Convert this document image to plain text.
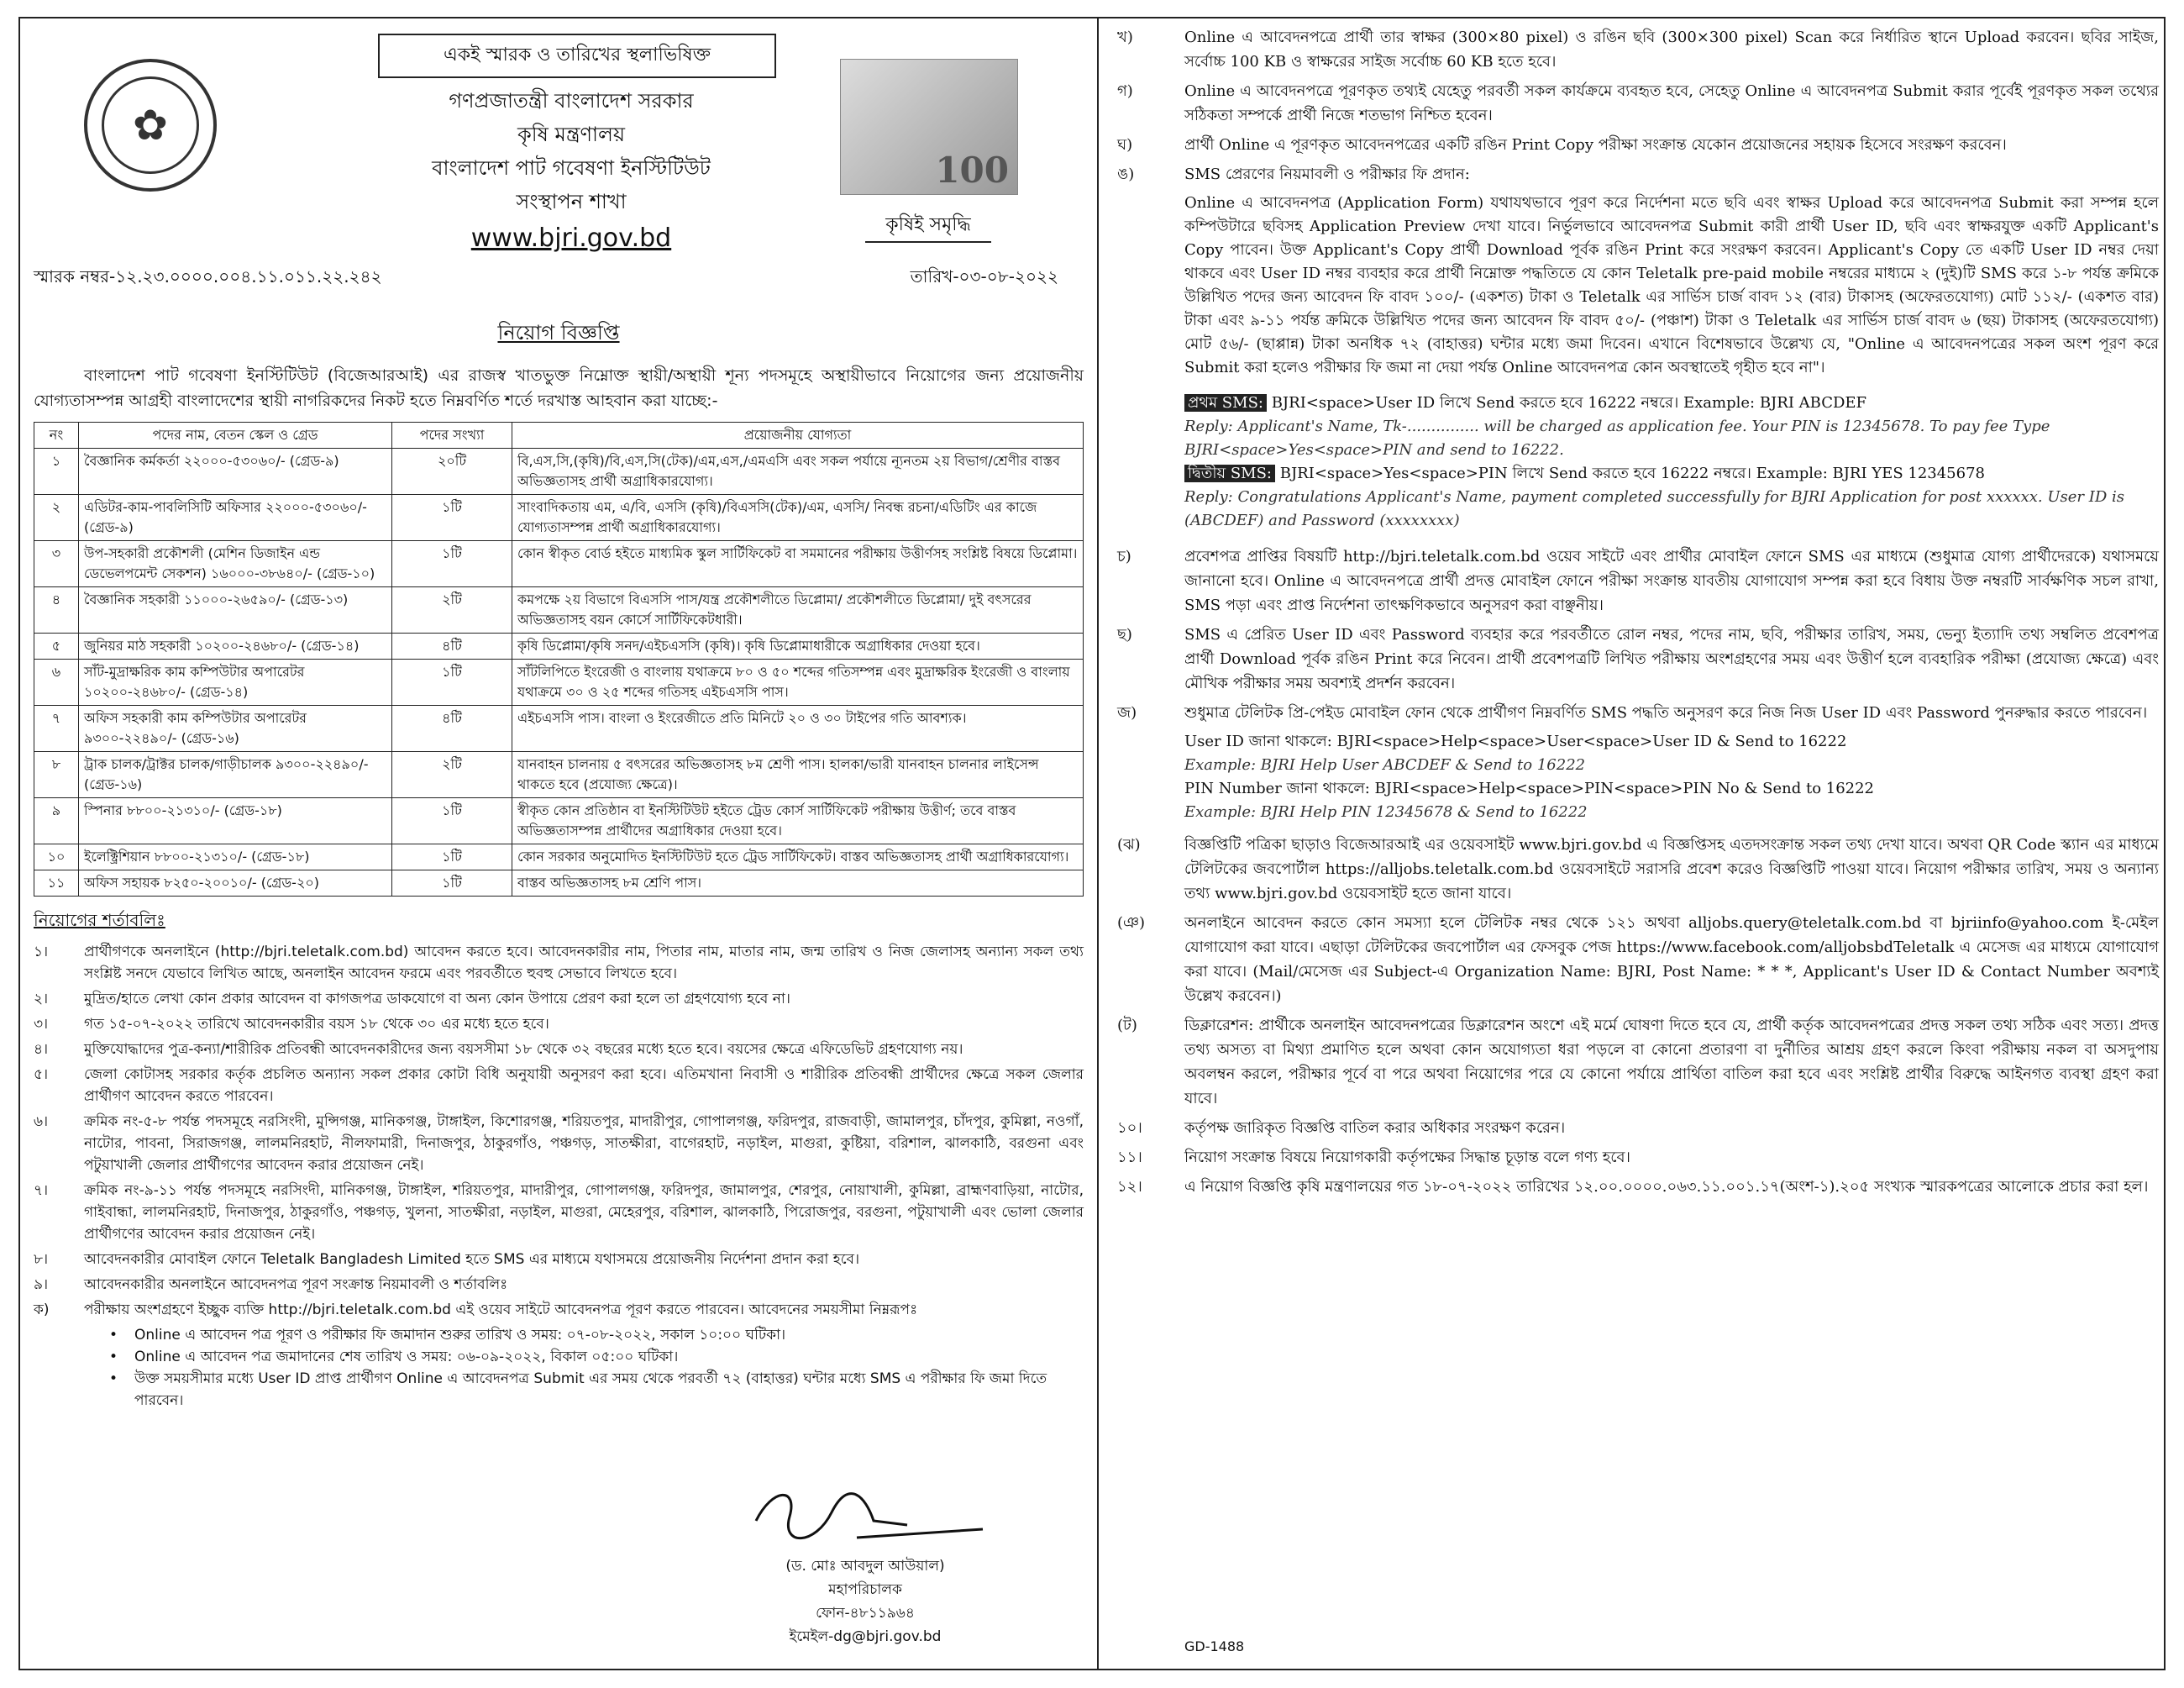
একই স্মারক ও তারিখের স্থলাভিষিক্ত
✿	গণপ্রজাতন্ত্রী বাংলাদেশ সরকার
কৃষি মন্ত্রণালয়
বাংলাদেশ পাট গবেষণা ইনস্টিটিউট
সংস্থাপন শাখা
www.bjri.gov.bd
100
কৃষিই সমৃদ্ধি
স্মারক নম্বর-১২.২৩.০০০০.০০৪.১১.০১১.২২.২৪২	তারিখ-০৩-০৮-২০২২
নিয়োগ বিজ্ঞপ্তি
বাংলাদেশ পাট গবেষণা ইনস্টিটিউট (বিজেআরআই) এর রাজস্ব খাতভুক্ত নিম্নোক্ত স্থায়ী/অস্থায়ী শূন্য পদসমূহে অস্থায়ীভাবে নিয়োগের জন্য প্রয়োজনীয় যোগ্যতাসম্পন্ন আগ্রহী বাংলাদেশের স্থায়ী নাগরিকদের নিকট হতে নিম্নবর্ণিত শর্তে দরখাস্ত আহবান করা যাচ্ছে:-
নং	পদের নাম, বেতন স্কেল ও গ্রেড	পদের সংখ্যা	প্রয়োজনীয় যোগ্যতা
১	বৈজ্ঞানিক কর্মকর্তা ২২০০০-৫৩০৬০/- (গ্রেড-৯)	২০টি	বি,এস,সি,(কৃষি)/বি,এস,সি(টেক)/এম,এস,/এমএসি এবং সকল পর্যায়ে ন্যূনতম ২য় বিভাগ/শ্রেণীর বাস্তব অভিজ্ঞতাসহ প্রার্থী অগ্রাধিকারযোগ্য।
২	এডিটর-কাম-পাবলিসিটি অফিসার ২২০০০-৫৩০৬০/- (গ্রেড-৯)	১টি	সাংবাদিকতায় এম, এ/বি, এসসি (কৃষি)/বিএসসি(টেক)/এম, এসসি/ নিবন্ধ রচনা/এডিটিং এর কাজে যোগ্যতাসম্পন্ন প্রার্থী অগ্রাধিকারযোগ্য।
৩	উপ-সহকারী প্রকৌশলী (মেশিন ডিজাইন এন্ড ডেভেলপমেন্ট সেকশন) ১৬০০০-৩৮৬৪০/- (গ্রেড-১০)	১টি	কোন স্বীকৃত বোর্ড হইতে মাধ্যমিক স্কুল সার্টিফিকেট বা সমমানের পরীক্ষায় উত্তীর্ণসহ সংশ্লিষ্ট বিষয়ে ডিপ্লোমা।
৪	বৈজ্ঞানিক সহকারী ১১০০০-২৬৫৯০/- (গ্রেড-১৩)	২টি	কমপক্ষে ২য় বিভাগে বিএসসি পাস/যন্ত্র প্রকৌশলীতে ডিপ্লোমা/ প্রকৌশলীতে ডিপ্লোমা/ দুই বৎসরের অভিজ্ঞতাসহ বয়ন কোর্সে সার্টিফিকেটধারী।
৫	জুনিয়র মাঠ সহকারী ১০২০০-২৪৬৮০/- (গ্রেড-১৪)	৪টি	কৃষি ডিপ্লোমা/কৃষি সনদ/এইচএসসি (কৃষি)। কৃষি ডিপ্লোমাধারীকে অগ্রাধিকার দেওয়া হবে।
৬	সাঁট-মুদ্রাক্ষরিক কাম কম্পিউটার অপারেটর ১০২০০-২৪৬৮০/- (গ্রেড-১৪)	১টি	সাঁটলিপিতে ইংরেজী ও বাংলায় যথাক্রমে ৮০ ও ৫০ শব্দের গতিসম্পন্ন এবং মুদ্রাক্ষরিক ইংরেজী ও বাংলায় যথাক্রমে ৩০ ও ২৫ শব্দের গতিসহ এইচএসসি পাস।
৭	অফিস সহকারী কাম কম্পিউটার অপারেটর ৯৩০০-২২৪৯০/- (গ্রেড-১৬)	৪টি	এইচএসসি পাস। বাংলা ও ইংরেজীতে প্রতি মিনিটে ২০ ও ৩০ টাইপের গতি আবশ্যক।
৮	ট্রাক চালক/ট্রাক্টর চালক/গাড়ীচালক ৯৩০০-২২৪৯০/- (গ্রেড-১৬)	২টি	যানবাহন চালনায় ৫ বৎসরের অভিজ্ঞতাসহ ৮ম শ্রেণী পাস। হালকা/ভারী যানবাহন চালনার লাইসেন্স থাকতে হবে (প্রযোজ্য ক্ষেত্রে)।
৯	স্পিনার ৮৮০০-২১৩১০/- (গ্রেড-১৮)	১টি	স্বীকৃত কোন প্রতিষ্ঠান বা ইনস্টিটিউট হইতে ট্রেড কোর্স সার্টিফিকেট পরীক্ষায় উত্তীর্ণ; তবে বাস্তব অভিজ্ঞতাসম্পন্ন প্রার্থীদের অগ্রাধিকার দেওয়া হবে।
১০	ইলেক্ট্রিশিয়ান ৮৮০০-২১৩১০/- (গ্রেড-১৮)	১টি	কোন সরকার অনুমোদিত ইনস্টিটিউট হতে ট্রেড সার্টিফিকেট। বাস্তব অভিজ্ঞতাসহ প্রার্থী অগ্রাধিকারযোগ্য।
১১	অফিস সহায়ক ৮২৫০-২০০১০/- (গ্রেড-২০)	১টি	বাস্তব অভিজ্ঞতাসহ ৮ম শ্রেণি পাস।
নিয়োগের শর্তাবলিঃ
১।	প্রার্থীগণকে অনলাইনে (http://bjri.teletalk.com.bd) আবেদন করতে হবে। আবেদনকারীর নাম, পিতার নাম, মাতার নাম, জন্ম তারিখ ও নিজ জেলাসহ অন্যান্য সকল তথ্য সংশ্লিষ্ট সনদে যেভাবে লিখিত আছে, অনলাইন আবেদন ফরমে এবং পরবর্তীতে হুবহু সেভাবে লিখতে হবে।
২।	মুদ্রিত/হাতে লেখা কোন প্রকার আবেদন বা কাগজপত্র ডাকযোগে বা অন্য কোন উপায়ে প্রেরণ করা হলে তা গ্রহণযোগ্য হবে না।
৩।	গত ১৫-০৭-২০২২ তারিখে আবেদনকারীর বয়স ১৮ থেকে ৩০ এর মধ্যে হতে হবে।
৪।	মুক্তিযোদ্ধাদের পুত্র-কন্যা/শারীরিক প্রতিবন্ধী আবেদনকারীদের জন্য বয়সসীমা ১৮ থেকে ৩২ বছরের মধ্যে হতে হবে। বয়সের ক্ষেত্রে এফিডেভিট গ্রহণযোগ্য নয়।
৫।	জেলা কোটাসহ সরকার কর্তৃক প্রচলিত অন্যান্য সকল প্রকার কোটা বিধি অনুযায়ী অনুসরণ করা হবে। এতিমখানা নিবাসী ও শারীরিক প্রতিবন্ধী প্রার্থীদের ক্ষেত্রে সকল জেলার প্রার্থীগণ আবেদন করতে পারবেন।
৬।	ক্রমিক নং-৫-৮ পর্যন্ত পদসমূহে নরসিংদী, মুন্সিগঞ্জ, মানিকগঞ্জ, টাঙ্গাইল, কিশোরগঞ্জ, শরিয়তপুর, মাদারীপুর, গোপালগঞ্জ, ফরিদপুর, রাজবাড়ী, জামালপুর, চাঁদপুর, কুমিল্লা, নওগাঁ, নাটোর, পাবনা, সিরাজগঞ্জ, লালমনিরহাট, নীলফামারী, দিনাজপুর, ঠাকুরগাঁও, পঞ্চগড়, সাতক্ষীরা, বাগেরহাট, নড়াইল, মাগুরা, কুষ্টিয়া, বরিশাল, ঝালকাঠি, বরগুনা এবং পটুয়াখালী জেলার প্রার্থীগণের আবেদন করার প্রয়োজন নেই।
৭।	ক্রমিক নং-৯-১১ পর্যন্ত পদসমূহে নরসিংদী, মানিকগঞ্জ, টাঙ্গাইল, শরিয়তপুর, মাদারীপুর, গোপালগঞ্জ, ফরিদপুর, জামালপুর, শেরপুর, নোয়াখালী, কুমিল্লা, ব্রাহ্মণবাড়িয়া, নাটোর, গাইবান্ধা, লালমনিরহাট, দিনাজপুর, ঠাকুরগাঁও, পঞ্চগড়, খুলনা, সাতক্ষীরা, নড়াইল, মাগুরা, মেহেরপুর, বরিশাল, ঝালকাঠি, পিরোজপুর, বরগুনা, পটুয়াখালী এবং ভোলা জেলার প্রার্থীগণের আবেদন করার প্রয়োজন নেই।
৮।	আবেদনকারীর মোবাইল ফোনে Teletalk Bangladesh Limited হতে SMS এর মাধ্যমে যথাসময়ে প্রয়োজনীয় নির্দেশনা প্রদান করা হবে।
৯।	আবেদনকারীর অনলাইনে আবেদনপত্র পূরণ সংক্রান্ত নিয়মাবলী ও শর্তাবলিঃ
ক)	পরীক্ষায় অংশগ্রহণে ইচ্ছুক ব্যক্তি http://bjri.teletalk.com.bd এই ওয়েব সাইটে আবেদনপত্র পূরণ করতে পারবেন। আবেদনের সময়সীমা নিম্নরূপঃ
•	Online এ আবেদন পত্র পূরণ ও পরীক্ষার ফি জমাদান শুরুর তারিখ ও সময়: ০৭-০৮-২০২২, সকাল ১০:০০ ঘটিকা।
•	Online এ আবেদন পত্র জমাদানের শেষ তারিখ ও সময়: ০৬-০৯-২০২২, বিকাল ০৫:০০ ঘটিকা।
•	উক্ত সময়সীমার মধ্যে User ID প্রাপ্ত প্রার্থীগণ Online এ আবেদনপত্র Submit এর সময় থেকে পরবর্তী ৭২ (বাহাত্তর) ঘন্টার মধ্যে SMS এ পরীক্ষার ফি জমা দিতে পারবেন।
খ)	Online এ আবেদনপত্রে প্রার্থী তার স্বাক্ষর (300×80 pixel) ও রঙিন ছবি (300×300 pixel) Scan করে নির্ধারিত স্থানে Upload করবেন। ছবির সাইজ, সর্বোচ্চ 100 KB ও স্বাক্ষরের সাইজ সর্বোচ্চ 60 KB হতে হবে।
গ)	Online এ আবেদনপত্রে পূরণকৃত তথ্যই যেহেতু পরবর্তী সকল কার্যক্রমে ব্যবহৃত হবে, সেহেতু Online এ আবেদনপত্র Submit করার পূর্বেই পূরণকৃত সকল তথ্যের সঠিকতা সম্পর্কে প্রার্থী নিজে শতভাগ নিশ্চিত হবেন।
ঘ)	প্রার্থী Online এ পূরণকৃত আবেদনপত্রের একটি রঙিন Print Copy পরীক্ষা সংক্রান্ত যেকোন প্রয়োজনের সহায়ক হিসেবে সংরক্ষণ করবেন।
ঙ)	SMS প্রেরণের নিয়মাবলী ও পরীক্ষার ফি প্রদান:
Online এ আবেদনপত্র (Application Form) যথাযথভাবে পূরণ করে নির্দেশনা মতে ছবি এবং স্বাক্ষর Upload করে আবেদনপত্র Submit করা সম্পন্ন হলে কম্পিউটারে ছবিসহ Application Preview দেখা যাবে। নির্ভুলভাবে আবেদনপত্র Submit কারী প্রার্থী User ID, ছবি এবং স্বাক্ষরযুক্ত একটি Applicant's Copy পাবেন। উক্ত Applicant's Copy প্রার্থী Download পূর্বক রঙিন Print করে সংরক্ষণ করবেন। Applicant's Copy তে একটি User ID নম্বর দেয়া থাকবে এবং User ID নম্বর ব্যবহার করে প্রার্থী নিম্নোক্ত পদ্ধতিতে যে কোন Teletalk pre-paid mobile নম্বরের মাধ্যমে ২ (দুই)টি SMS করে ১-৮ পর্যন্ত ক্রমিকে উল্লিখিত পদের জন্য আবেদন ফি বাবদ ১০০/- (একশত) টাকা ও Teletalk এর সার্ভিস চার্জ বাবদ ১২ (বার) টাকাসহ (অফেরতযোগ্য) মোট ১১২/- (একশত বার) টাকা এবং ৯-১১ পর্যন্ত ক্রমিকে উল্লিখিত পদের জন্য আবেদন ফি বাবদ ৫০/- (পঞ্চাশ) টাকা ও Teletalk এর সার্ভিস চার্জ বাবদ ৬ (ছয়) টাকাসহ (অফেরতযোগ্য) মোট ৫৬/- (ছাপ্পান্ন) টাকা অনধিক ৭২ (বাহাত্তর) ঘন্টার মধ্যে জমা দিবেন। এখানে বিশেষভাবে উল্লেখ্য যে, "Online এ আবেদনপত্রের সকল অংশ পূরণ করে Submit করা হলেও পরীক্ষার ফি জমা না দেয়া পর্যন্ত Online আবেদনপত্র কোন অবস্থাতেই গৃহীত হবে না"।
প্রথম SMS: BJRI<space>User ID লিখে Send করতে হবে 16222 নম্বরে। Example: BJRI ABCDEF
Reply: Applicant's Name, Tk-............... will be charged as application fee. Your PIN is 12345678. To pay fee Type BJRI<space>Yes<space>PIN and send to 16222.
দ্বিতীয় SMS: BJRI<space>Yes<space>PIN লিখে Send করতে হবে 16222 নম্বরে। Example: BJRI YES 12345678
Reply: Congratulations Applicant's Name, payment completed successfully for BJRI Application for post xxxxxx. User ID is (ABCDEF) and Password (xxxxxxxx)
চ)	প্রবেশপত্র প্রাপ্তির বিষয়টি http://bjri.teletalk.com.bd ওয়েব সাইটে এবং প্রার্থীর মোবাইল ফোনে SMS এর মাধ্যমে (শুধুমাত্র যোগ্য প্রার্থীদেরকে) যথাসময়ে জানানো হবে। Online এ আবেদনপত্রে প্রার্থী প্রদত্ত মোবাইল ফোনে পরীক্ষা সংক্রান্ত যাবতীয় যোগাযোগ সম্পন্ন করা হবে বিধায় উক্ত নম্বরটি সার্বক্ষণিক সচল রাখা, SMS পড়া এবং প্রাপ্ত নির্দেশনা তাৎক্ষণিকভাবে অনুসরণ করা বাঞ্ছনীয়।
ছ)	SMS এ প্রেরিত User ID এবং Password ব্যবহার করে পরবর্তীতে রোল নম্বর, পদের নাম, ছবি, পরীক্ষার তারিখ, সময়, ভেন্যু ইত্যাদি তথ্য সম্বলিত প্রবেশপত্র প্রার্থী Download পূর্বক রঙিন Print করে নিবেন। প্রার্থী প্রবেশপত্রটি লিখিত পরীক্ষায় অংশগ্রহণের সময় এবং উত্তীর্ণ হলে ব্যবহারিক পরীক্ষা (প্রযোজ্য ক্ষেত্রে) এবং মৌখিক পরীক্ষার সময় অবশ্যই প্রদর্শন করবেন।
জ)	শুধুমাত্র টেলিটক প্রি-পেইড মোবাইল ফোন থেকে প্রার্থীগণ নিম্নবর্ণিত SMS পদ্ধতি অনুসরণ করে নিজ নিজ User ID এবং Password পুনরুদ্ধার করতে পারবেন।
User ID জানা থাকলে: BJRI<space>Help<space>User<space>User ID & Send to 16222
Example: BJRI Help User ABCDEF & Send to 16222
PIN Number জানা থাকলে: BJRI<space>Help<space>PIN<space>PIN No & Send to 16222
Example: BJRI Help PIN 12345678 & Send to 16222
(ঝ)	বিজ্ঞপ্তিটি পত্রিকা ছাড়াও বিজেআরআই এর ওয়েবসাইট www.bjri.gov.bd এ বিজ্ঞপ্তিসহ এতদসংক্রান্ত সকল তথ্য দেখা যাবে। অথবা QR Code স্ক্যান এর মাধ্যমে টেলিটকের জবপোর্টাল https://alljobs.teletalk.com.bd ওয়েবসাইটে সরাসরি প্রবেশ করেও বিজ্ঞপ্তিটি পাওয়া যাবে। নিয়োগ পরীক্ষার তারিখ, সময় ও অন্যান্য তথ্য www.bjri.gov.bd ওয়েবসাইট হতে জানা যাবে।
(ঞ)	অনলাইনে আবেদন করতে কোন সমস্যা হলে টেলিটক নম্বর থেকে ১২১ অথবা alljobs.query@teletalk.com.bd বা bjriinfo@yahoo.com ই-মেইল যোগাযোগ করা যাবে। এছাড়া টেলিটকের জবপোর্টাল এর ফেসবুক পেজ https://www.facebook.com/alljobsbdTeletalk এ মেসেজ এর মাধ্যমে যোগাযোগ করা যাবে। (Mail/মেসেজ এর Subject-এ Organization Name: BJRI, Post Name: * * *, Applicant's User ID & Contact Number অবশ্যই উল্লেখ করবেন।)
(ট)	ডিক্লারেশন: প্রার্থীকে অনলাইন আবেদনপত্রের ডিক্লারেশন অংশে এই মর্মে ঘোষণা দিতে হবে যে, প্রার্থী কর্তৃক আবেদনপত্রের প্রদত্ত সকল তথ্য সঠিক এবং সত্য। প্রদত্ত তথ্য অসত্য বা মিথ্যা প্রমাণিত হলে অথবা কোন অযোগ্যতা ধরা পড়লে বা কোনো প্রতারণা বা দুর্নীতির আশ্রয় গ্রহণ করলে কিংবা পরীক্ষায় নকল বা অসদুপায় অবলম্বন করলে, পরীক্ষার পূর্বে বা পরে অথবা নিয়োগের পরে যে কোনো পর্যায়ে প্রার্থিতা বাতিল করা হবে এবং সংশ্লিষ্ট প্রার্থীর বিরুদ্ধে আইনগত ব্যবস্থা গ্রহণ করা যাবে।
১০।	কর্তৃপক্ষ জারিকৃত বিজ্ঞপ্তি বাতিল করার অধিকার সংরক্ষণ করেন।
১১।	নিয়োগ সংক্রান্ত বিষয়ে নিয়োগকারী কর্তৃপক্ষের সিদ্ধান্ত চূড়ান্ত বলে গণ্য হবে।
১২।	এ নিয়োগ বিজ্ঞপ্তি কৃষি মন্ত্রণালয়ের গত ১৮-০৭-২০২২ তারিখের ১২.০০.০০০০.০৬৩.১১.০০১.১৭(অংশ-১).২০৫ সংখ্যক স্মারকপত্রের আলোকে প্রচার করা হল।
(ড. মোঃ আবদুল আউয়াল)
মহাপরিচালক
ফোন-৪৮১১৯৬৪
ইমেইল-dg@bjri.gov.bd
GD-1488
